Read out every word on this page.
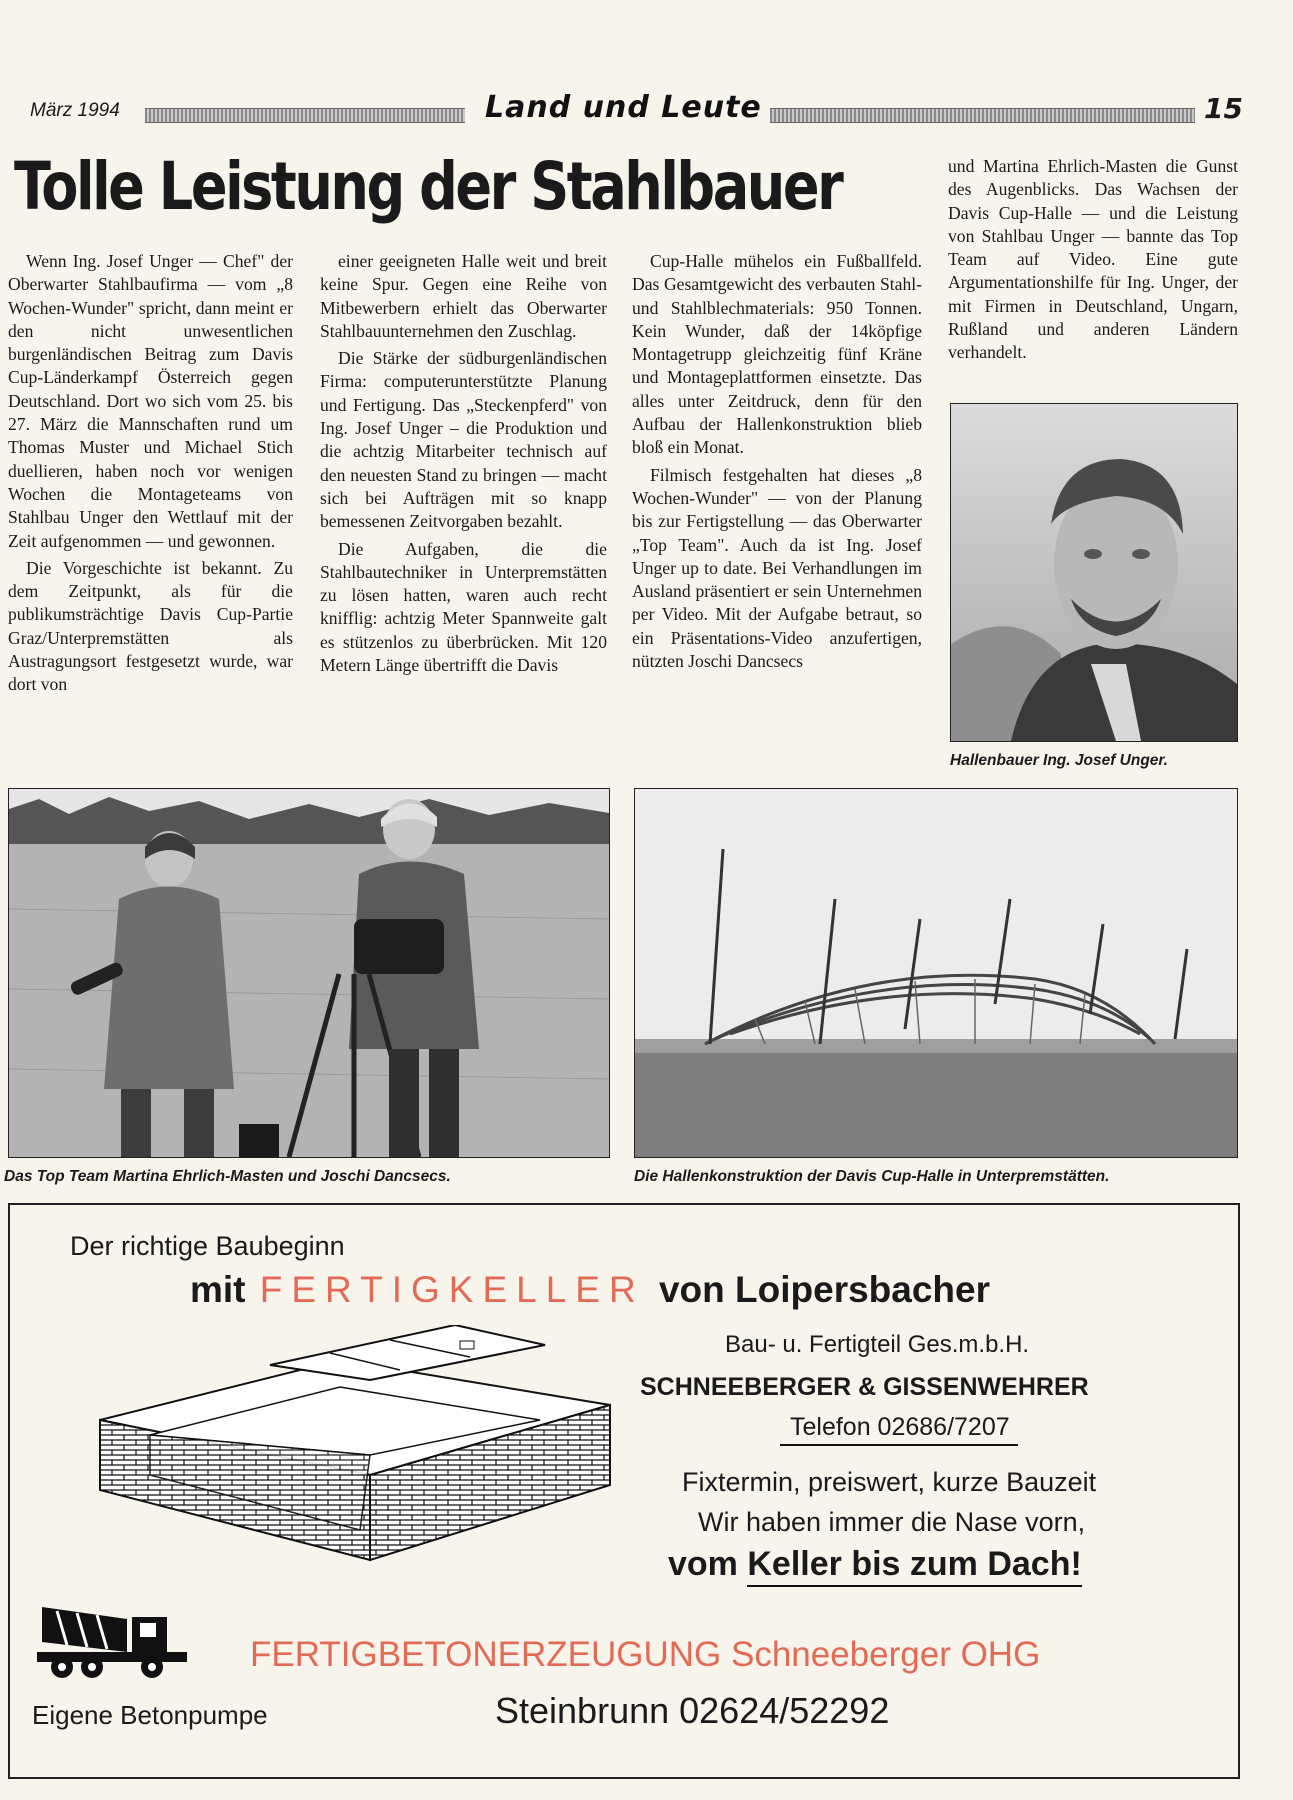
März 1994	Land und Leute	15
Tolle Leistung der Stahlbauer

Wenn Ing. Josef Unger — Chef" der Oberwarter Stahlbaufirma — vom „8 Wochen-Wunder" spricht, dann meint er den nicht unwesentlichen burgenländischen Beitrag zum Davis Cup-Länderkampf Österreich gegen Deutschland. Dort wo sich vom 25. bis 27. März die Mannschaften rund um Thomas Muster und Michael Stich duellieren, haben noch vor wenigen Wochen die Montageteams von Stahlbau Unger den Wettlauf mit der Zeit aufgenommen — und gewonnen.

Die Vorgeschichte ist bekannt. Zu dem Zeitpunkt, als für die publikumsträchtige Davis Cup-Partie Graz/Unterpremstätten als Austragungsort festgesetzt wurde, war dort von

einer geeigneten Halle weit und breit keine Spur. Gegen eine Reihe von Mitbewerbern erhielt das Oberwarter Stahlbauunternehmen den Zuschlag.

Die Stärke der südburgenländischen Firma: computerunterstützte Planung und Fertigung. Das „Steckenpferd" von Ing. Josef Unger – die Produktion und die achtzig Mitarbeiter technisch auf den neuesten Stand zu bringen — macht sich bei Aufträgen mit so knapp bemessenen Zeitvorgaben bezahlt.

Die Aufgaben, die die Stahlbautechniker in Unterpremstätten zu lösen hatten, waren auch recht knifflig: achtzig Meter Spannweite galt es stützenlos zu überbrücken. Mit 120 Metern Länge übertrifft die Davis

Cup-Halle mühelos ein Fußballfeld. Das Gesamtgewicht des verbauten Stahl- und Stahlblechmaterials: 950 Tonnen. Kein Wunder, daß der 14köpfige Montagetrupp gleichzeitig fünf Kräne und Montageplattformen einsetzte. Das alles unter Zeitdruck, denn für den Aufbau der Hallenkonstruktion blieb bloß ein Monat.

Filmisch festgehalten hat dieses „8 Wochen-Wunder" — von der Planung bis zur Fertigstellung — das Oberwarter „Top Team". Auch da ist Ing. Josef Unger up to date. Bei Verhandlungen im Ausland präsentiert er sein Unternehmen per Video. Mit der Aufgabe betraut, so ein Präsentations-Video anzufertigen, nützten Joschi Dancsecs

und Martina Ehrlich-Masten die Gunst des Augenblicks. Das Wachsen der Davis Cup-Halle — und die Leistung von Stahlbau Unger — bannte das Top Team auf Video. Eine gute Argumentationshilfe für Ing. Unger, der mit Firmen in Deutschland, Ungarn, Rußland und anderen Ländern verhandelt.

Hallenbauer Ing. Josef Unger.
Das Top Team Martina Ehrlich-Masten und Joschi Dancsecs.	Die Hallenkonstruktion der Davis Cup-Halle in Unterpremstätten.
Der richtige Baubeginn
mit FERTIGKELLER von Loipersbacher
Bau- u. Fertigteil Ges.m.b.H.
SCHNEEBERGER & GISSENWEHRER
Telefon 02686/7207
Fixtermin, preiswert, kurze Bauzeit
Wir haben immer die Nase vorn,
vom Keller bis zum Dach!
FERTIGBETONERZEUGUNG Schneeberger OHG
Eigene Betonpumpe	Steinbrunn 02624/52292
